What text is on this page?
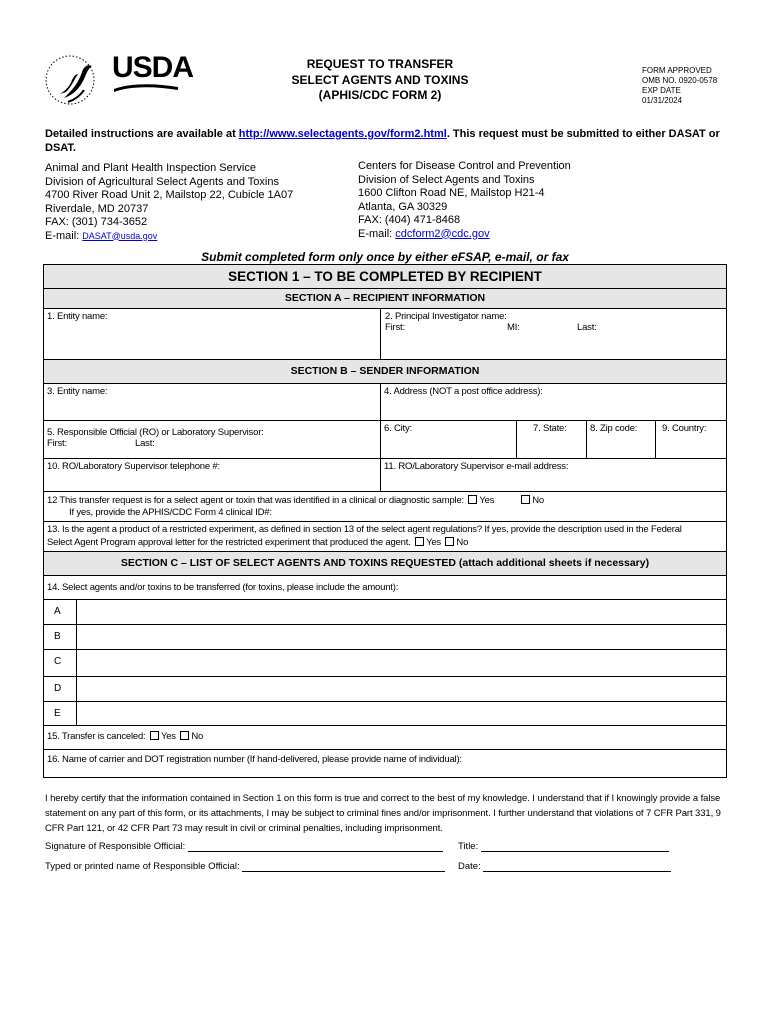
USDA	REQUEST TO TRANSFER
SELECT AGENTS AND TOXINS
(APHIS/CDC FORM 2)
FORM APPROVED
OMB NO. 0920-0578
EXP DATE
01/31/2024
Detailed instructions are available at http://www.selectagents.gov/form2.html. This request must be submitted to either DASAT or DSAT.
Animal and Plant Health Inspection Service
Division of Agricultural Select Agents and Toxins
4700 River Road Unit 2, Mailstop 22, Cubicle 1A07
Riverdale, MD 20737
FAX: (301) 734-3652
E-mail: DASAT@usda.gov
Centers for Disease Control and Prevention
Division of Select Agents and Toxins
1600 Clifton Road NE, Mailstop H21-4
Atlanta, GA 30329
FAX: (404) 471-8468
E-mail: cdcform2@cdc.gov
Submit completed form only once by either eFSAP, e-mail, or fax
SECTION 1 – TO BE COMPLETED BY RECIPIENT
SECTION A – RECIPIENT INFORMATION
1. Entity name:	2. Principal Investigator name:
First:	MI:	Last:
SECTION B – SENDER INFORMATION
3. Entity name:	4. Address (NOT a post office address):
5. Responsible Official (RO) or Laboratory Supervisor:
First:	Last:
6. City:	7. State:	8. Zip code:	9. Country:
10. RO/Laboratory Supervisor telephone #:	11. RO/Laboratory Supervisor e-mail address:
12 This transfer request is for a select agent or toxin that was identified in a clinical or diagnostic sample: Yes	No
If yes, provide the APHIS/CDC Form 4 clinical ID#:
13. Is the agent a product of a restricted experiment, as defined in section 13 of the select agent regulations? If yes, provide the description used in the Federal
Select Agent Program approval letter for the restricted experiment that produced the agent. Yes No
SECTION C – LIST OF SELECT AGENTS AND TOXINS REQUESTED (attach additional sheets if necessary)
14. Select agents and/or toxins to be transferred (for toxins, please include the amount):
A
B
C
D
E
15. Transfer is canceled: Yes No
16. Name of carrier and DOT registration number (If hand-delivered, please provide name of individual):
I hereby certify that the information contained in Section 1 on this form is true and correct to the best of my knowledge. I understand that if I knowingly provide a false statement on any part of this form, or its attachments, I may be subject to criminal fines and/or imprisonment. I further understand that violations of 7 CFR Part 331, 9 CFR Part 121, or 42 CFR Part 73 may result in civil or criminal penalties, including imprisonment.
Signature of Responsible Official:	Title:
Typed or printed name of Responsible Official:	Date:
